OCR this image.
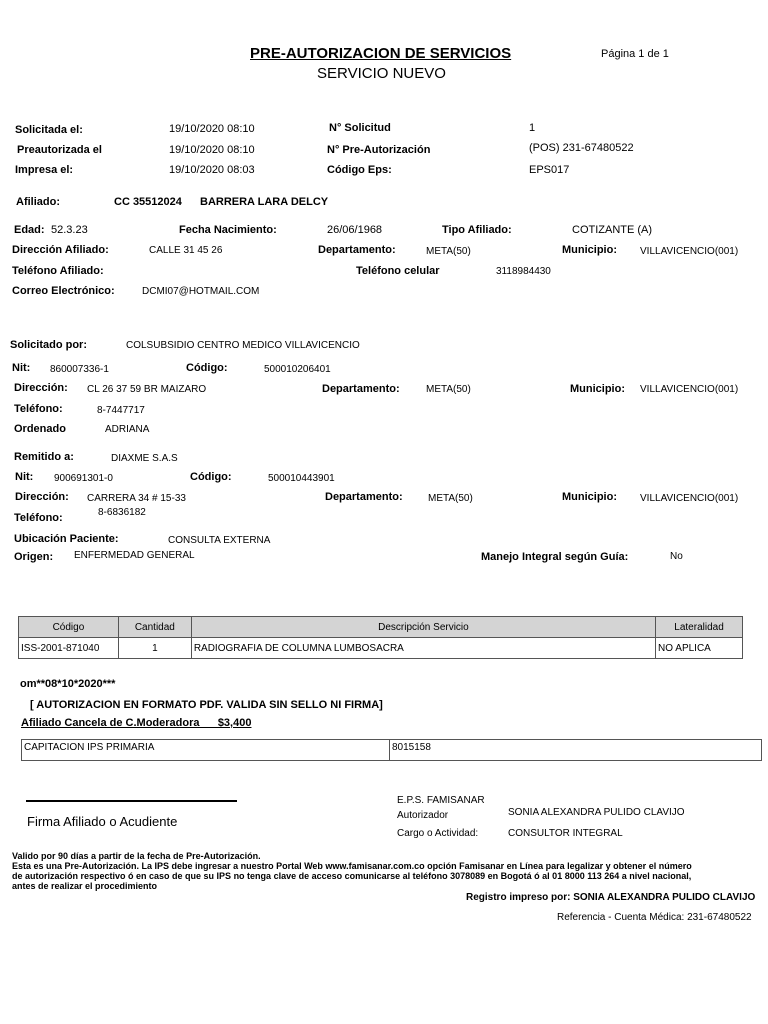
PRE-AUTORIZACION DE SERVICIOS
SERVICIO NUEVO
Página 1 de 1
Solicitada el:	19/10/2020 08:10
Preautorizada el	19/10/2020 08:10
Impresa el:	19/10/2020 08:03
N° Solicitud	1
N° Pre-Autorización	(POS) 231-67480522
Código Eps:	EPS017
Afiliado:	CC 35512024 BARRERA LARA DELCY
Edad: 52.3.23	Fecha Nacimiento:	26/06/1968	Tipo Afiliado:	COTIZANTE (A)
Dirección Afiliado:	CALLE 31 45 26	Departamento:	META(50)	Municipio: VILLAVICENCIO(001)
Teléfono Afiliado:	Teléfono celular	3118984430
Correo Electrónico:	DCMI07@HOTMAIL.COM
Solicitado por:	COLSUBSIDIO CENTRO MEDICO VILLAVICENCIO
Nit: 860007336-1	Código:	500010206401
Dirección: CL 26 37 59 BR MAIZARO	Departamento:	META(50)	Municipio: VILLAVICENCIO(001)
Teléfono:	8-7447717
Ordenado	ADRIANA
Remitido a:	DIAXME S.A.S
Nit: 900691301-0	Código:	500010443901
Dirección: CARRERA 34 # 15-33	Departamento:	META(50)	Municipio: VILLAVICENCIO(001)
Teléfono:	8-6836182
Ubicación Paciente:	CONSULTA EXTERNA
Origen: ENFERMEDAD GENERAL	Manejo Integral según Guía:	No
Código	Cantidad	Descripción Servicio	Lateralidad
ISS-2001-871040	1	RADIOGRAFIA DE COLUMNA LUMBOSACRA	NO APLICA
om**08*10*2020***
[ AUTORIZACION EN FORMATO PDF. VALIDA SIN SELLO NI FIRMA]
Afiliado Cancela de C.Moderadora      $3,400
CAPITACION IPS PRIMARIA	8015158
Firma Afiliado o Acudiente
E.P.S. FAMISANAR
Autorizador	SONIA ALEXANDRA PULIDO CLAVIJO
Cargo o Actividad:	CONSULTOR INTEGRAL
Valido por 90 días a partir de la fecha de Pre-Autorización.
Esta es una Pre-Autorización. La IPS debe ingresar a nuestro Portal Web www.famisanar.com.co opción Famisanar en Línea para legalizar y obtener el número
de autorización respectivo ó en caso de que su IPS no tenga clave de acceso comunicarse al teléfono 3078089 en Bogotá ó al 01 8000 113 264 a nivel nacional,
antes de realizar el procedimiento
Registro impreso por: SONIA ALEXANDRA PULIDO CLAVIJO
Referencia - Cuenta Médica: 231-67480522
